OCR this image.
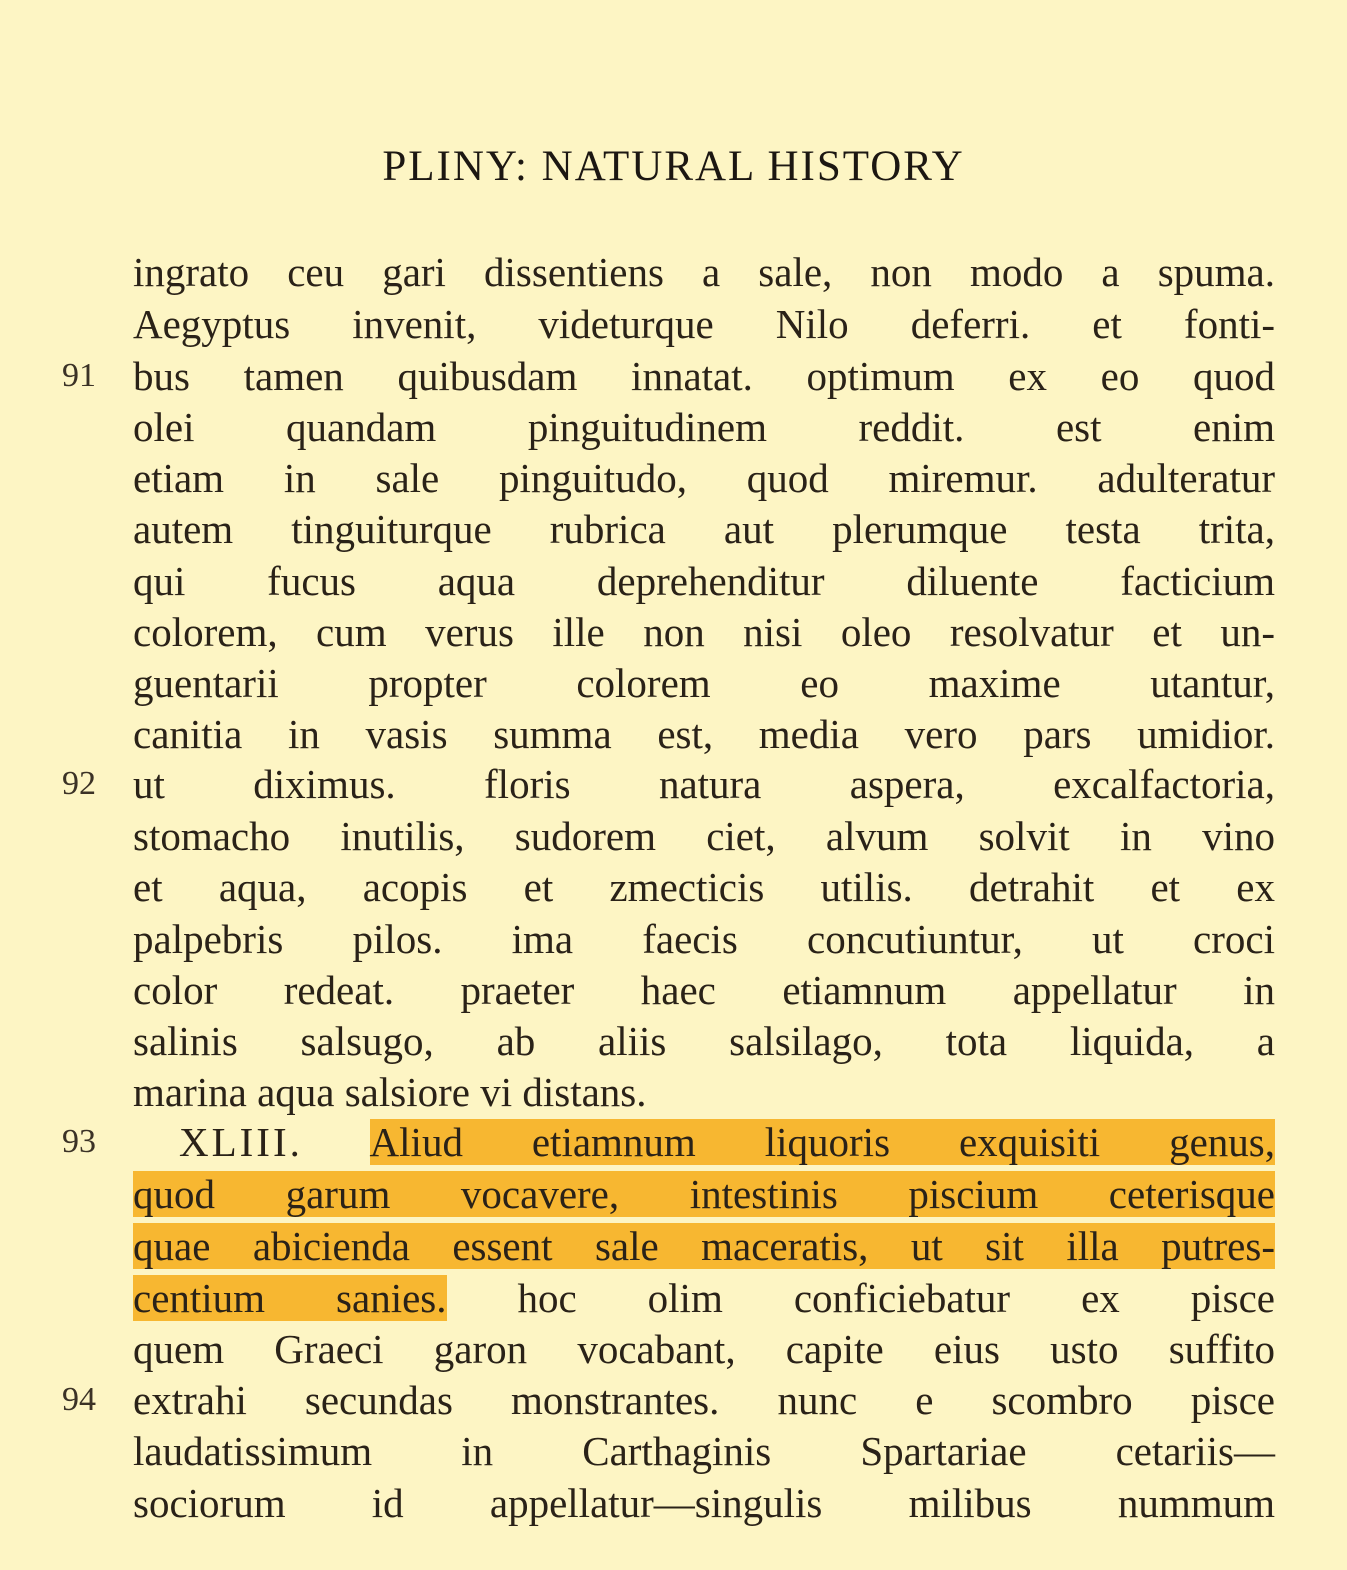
PLINY: NATURAL HISTORY
91
92
93
94
ingrato ceu gari dissentiens a sale, non modo a spuma.
Aegyptus invenit, videturque Nilo deferri. et fonti-
bus tamen quibusdam innatat. optimum ex eo quod
olei quandam pinguitudinem reddit. est enim
etiam in sale pinguitudo, quod miremur. adulteratur
autem tinguiturque rubrica aut plerumque testa trita,
qui fucus aqua deprehenditur diluente facticium
colorem, cum verus ille non nisi oleo resolvatur et un-
guentarii propter colorem eo maxime utantur,
canitia in vasis summa est, media vero pars umidior.
ut diximus. floris natura aspera, excalfactoria,
stomacho inutilis, sudorem ciet, alvum solvit in vino
et aqua, acopis et zmecticis utilis. detrahit et ex
palpebris pilos. ima faecis concutiuntur, ut croci
color redeat. praeter haec etiamnum appellatur in
salinis salsugo, ab aliis salsilago, tota liquida, a
marina aqua salsiore vi distans.
XLIII. Aliud etiamnum liquoris exquisiti genus,
quod garum vocavere, intestinis piscium ceterisque
quae abicienda essent sale maceratis, ut sit illa putres-
centium sanies. hoc olim conficiebatur ex pisce
quem Graeci garon vocabant, capite eius usto suffito
extrahi secundas monstrantes. nunc e scombro pisce
laudatissimum in Carthaginis Spartariae cetariis—
sociorum id appellatur—singulis milibus nummum
